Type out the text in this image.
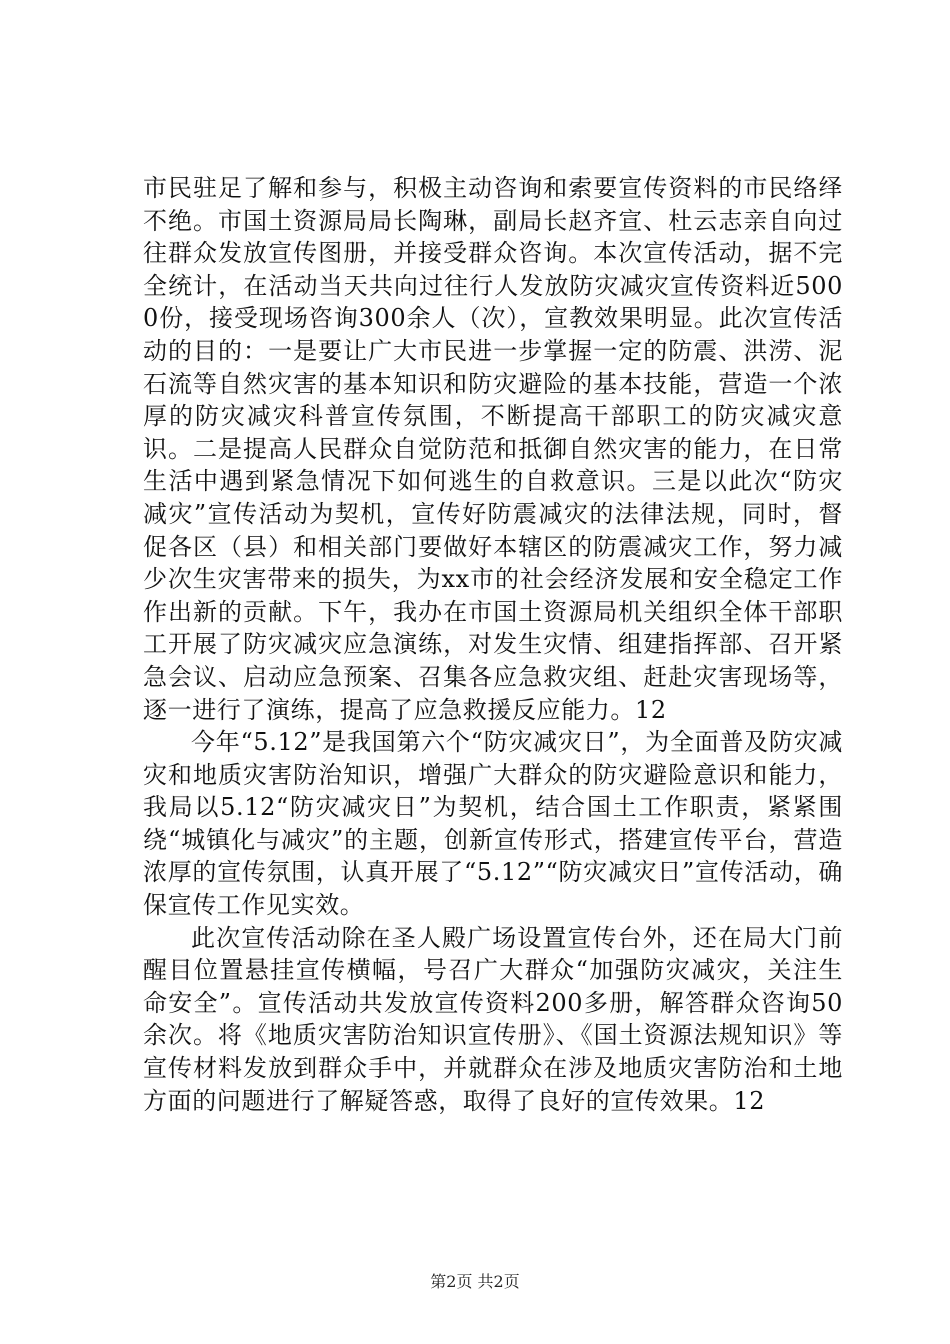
市民驻足了解和参与，积极主动咨询和索要宣传资料的市民络绎不绝。市国土资源局局长陶琳，副局长赵齐宣、杜云志亲自向过往群众发放宣传图册，并接受群众咨询。本次宣传活动，据不完全统计，在活动当天共向过往行人发放防灾减灾宣传资料近5000份，接受现场咨询300余人（次），宣教效果明显。此次宣传活动的目的：一是要让广大市民进一步掌握一定的防震、洪涝、泥石流等自然灾害的基本知识和防灾避险的基本技能，营造一个浓厚的防灾减灾科普宣传氛围，不断提高干部职工的防灾减灾意识。二是提高人民群众自觉防范和抵御自然灾害的能力，在日常生活中遇到紧急情况下如何逃生的自救意识。三是以此次“防灾减灾”宣传活动为契机，宣传好防震减灾的法律法规，同时，督促各区（县）和相关部门要做好本辖区的防震减灾工作，努力减少次生灾害带来的损失，为xx市的社会经济发展和安全稳定工作作出新的贡献。下午，我办在市国土资源局机关组织全体干部职工开展了防灾减灾应急演练，对发生灾情、组建指挥部、召开紧急会议、启动应急预案、召集各应急救灾组、赶赴灾害现场等，逐一进行了演练，提高了应急救援反应能力。12

今年“5.12”是我国第六个“防灾减灾日”，为全面普及防灾减灾和地质灾害防治知识，增强广大群众的防灾避险意识和能力，我局以5.12“防灾减灾日”为契机，结合国土工作职责，紧紧围绕“城镇化与减灾”的主题，创新宣传形式，搭建宣传平台，营造浓厚的宣传氛围，认真开展了“5.12”“防灾减灾日”宣传活动，确保宣传工作见实效。

此次宣传活动除在圣人殿广场设置宣传台外，还在局大门前醒目位置悬挂宣传横幅，号召广大群众“加强防灾减灾，关注生命安全”。宣传活动共发放宣传资料200多册，解答群众咨询50余次。将《地质灾害防治知识宣传册》、《国土资源法规知识》等宣传材料发放到群众手中，并就群众在涉及地质灾害防治和土地方面的问题进行了解疑答惑，取得了良好的宣传效果。12

第2页 共2页
